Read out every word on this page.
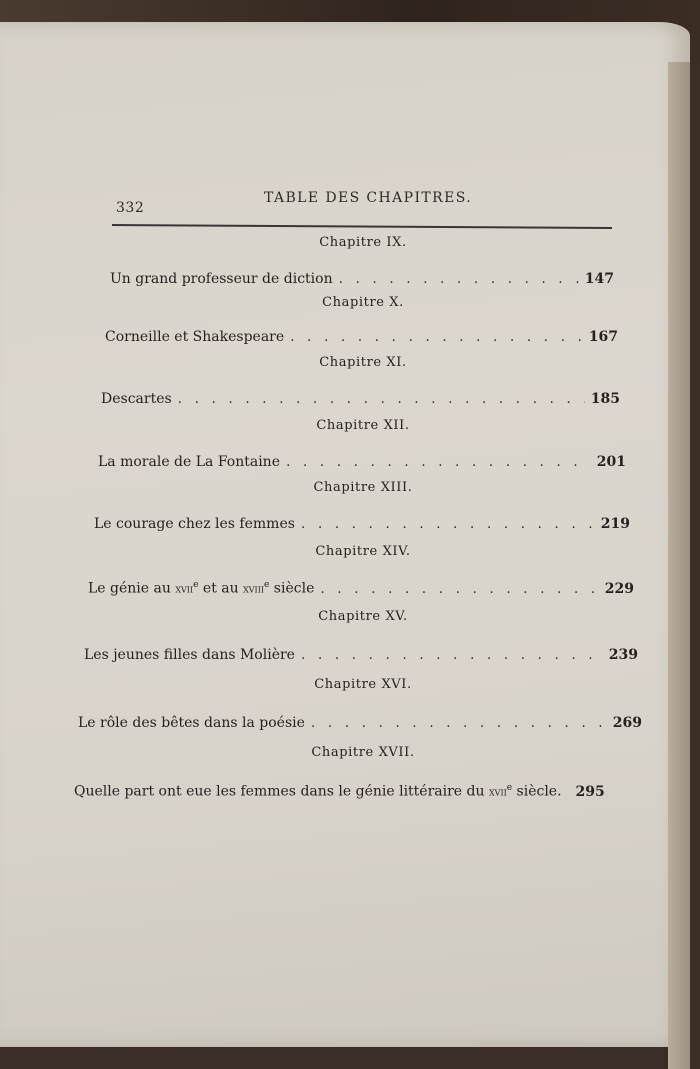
332
TABLE DES CHAPITRES.
Chapitre IX.
Un grand professeur de diction . . .	147
Chapitre X.
Corneille et Shakespeare . . .	167
Chapitre XI.
Descartes . . .	185
Chapitre XII.
La morale de La Fontaine . . .	201
Chapitre XIII.
Le courage chez les femmes . . .	219
Chapitre XIV.
Le génie au xvii$^e$ et au xviii$^e$ siècle . . .	229
Chapitre XV.
Les jeunes filles dans Molière . . .	239
Chapitre XVI.
Le rôle des bêtes dans la poésie . . .	269
Chapitre XVII.
Quelle part ont eue les femmes dans le génie littéraire du xvii$^e$ siècle. 295
